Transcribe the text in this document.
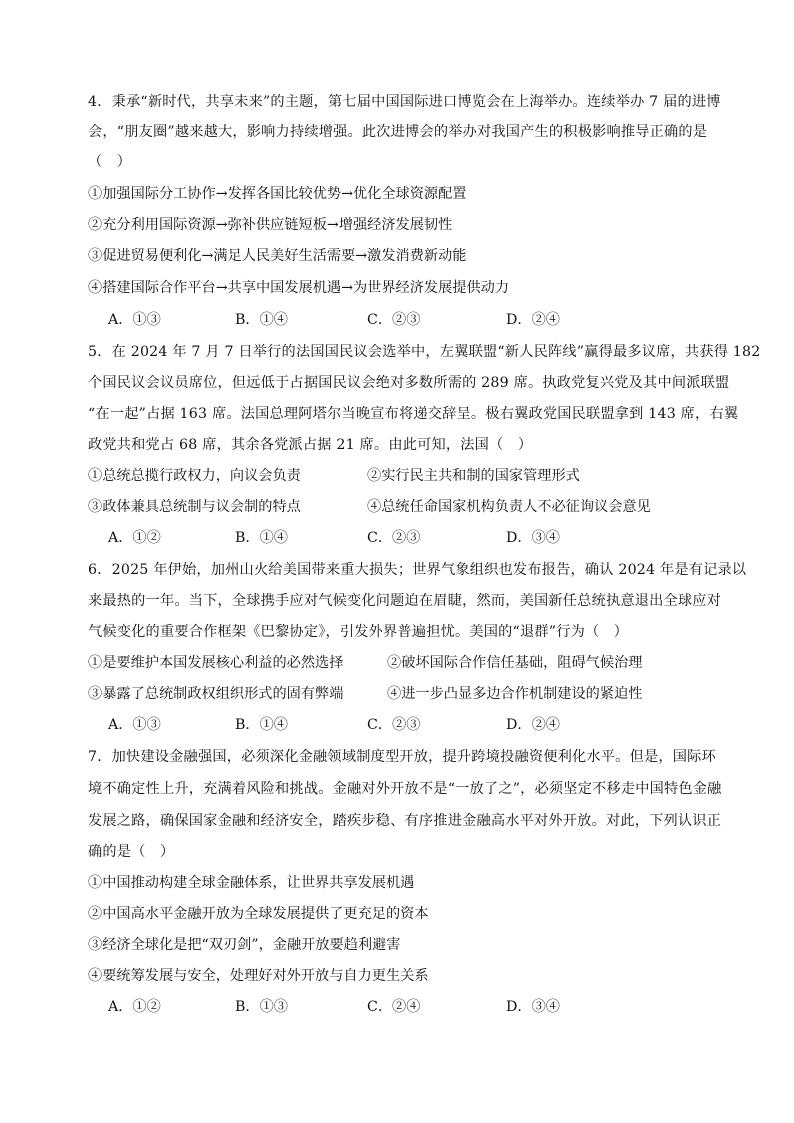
4．秉承“新时代，共享未来”的主题，第七届中国国际进口博览会在上海举办。连续举办 7 届的进博
会，“朋友圈”越来越大，影响力持续增强。此次进博会的举办对我国产生的积极影响推导正确的是
（　）
①加强国际分工协作→发挥各国比较优势→优化全球资源配置
②充分利用国际资源→弥补供应链短板→增强经济发展韧性
③促进贸易便利化→满足人民美好生活需要→激发消费新动能
④搭建国际合作平台→共享中国发展机遇→为世界经济发展提供动力
A．①③	B．①④	C．②③	D．②④
5．在 2024 年 7 月 7 日举行的法国国民议会选举中，左翼联盟“新人民阵线”赢得最多议席，共获得 182
个国民议会议员席位，但远低于占据国民议会绝对多数所需的 289 席。执政党复兴党及其中间派联盟
“在一起”占据 163 席。法国总理阿塔尔当晚宣布将递交辞呈。极右翼政党国民联盟拿到 143 席，右翼
政党共和党占 68 席，其余各党派占据 21 席。由此可知，法国（　）
①总统总揽行政权力，向议会负责	②实行民主共和制的国家管理形式
③政体兼具总统制与议会制的特点	④总统任命国家机构负责人不必征询议会意见
A．①②	B．①④	C．②③	D．③④
6．2025 年伊始，加州山火给美国带来重大损失；世界气象组织也发布报告，确认 2024 年是有记录以
来最热的一年。当下，全球携手应对气候变化问题迫在眉睫，然而，美国新任总统执意退出全球应对
气候变化的重要合作框架《巴黎协定》，引发外界普遍担忧。美国的“退群”行为（　）
①是要维护本国发展核心利益的必然选择	②破坏国际合作信任基础，阻碍气候治理
③暴露了总统制政权组织形式的固有弊端	④进一步凸显多边合作机制建设的紧迫性
A．①③	B．①④	C．②③	D．②④
7．加快建设金融强国，必须深化金融领域制度型开放，提升跨境投融资便利化水平。但是，国际环
境不确定性上升，充满着风险和挑战。金融对外开放不是“一放了之”，必须坚定不移走中国特色金融
发展之路，确保国家金融和经济安全，踏疾步稳、有序推进金融高水平对外开放。对此，下列认识正
确的是（　）
①中国推动构建全球金融体系，让世界共享发展机遇
②中国高水平金融开放为全球发展提供了更充足的资本
③经济全球化是把“双刃剑”，金融开放要趋利避害
④要统筹发展与安全，处理好对外开放与自力更生关系
A．①②	B．①③	C．②④	D．③④
